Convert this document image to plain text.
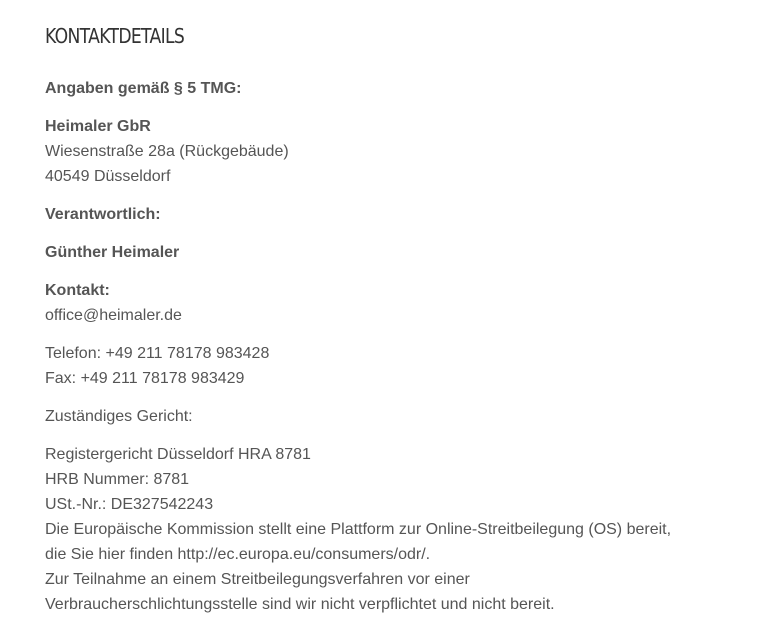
KONTAKTDETAILS

Angaben gemäß § 5 TMG:

Heimaler GbR
Wiesenstraße 28a (Rückgebäude)
40549 Düsseldorf

Verantwortlich:

Günther Heimaler

Kontakt:
office@heimaler.de

Telefon: +49 211 78178 983428
Fax: +49 211 78178 983429

Zuständiges Gericht:

Registergericht Düsseldorf HRA 8781
HRB Nummer: 8781
USt.-Nr.: DE327542243
Die Europäische Kommission stellt eine Plattform zur Online-Streitbeilegung (OS) bereit,
die Sie hier finden http://ec.europa.eu/consumers/odr/.
Zur Teilnahme an einem Streitbeilegungsverfahren vor einer
Verbraucherschlichtungsstelle sind wir nicht verpflichtet und nicht bereit.
